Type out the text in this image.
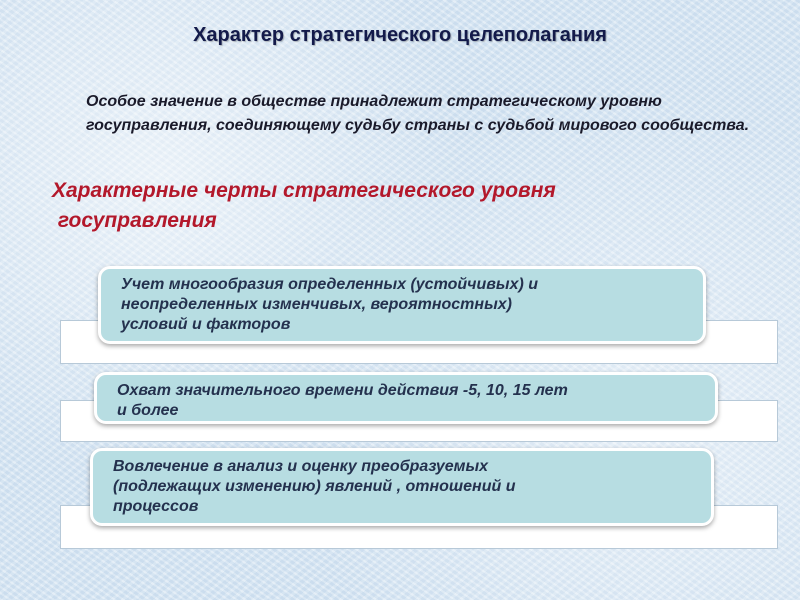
Характер стратегического целеполагания
Особое значение в обществе принадлежит стратегическому уровню госуправления, соединяющему судьбу страны с судьбой мирового сообщества.
Характерные черты стратегического уровня
госуправления
Учет многообразия определенных (устойчивых) и
неопределенных изменчивых, вероятностных)
условий и факторов
Охват значительного времени действия -5, 10, 15 лет
и более
Вовлечение в анализ и оценку преобразуемых
(подлежащих изменению) явлений , отношений и
процессов
